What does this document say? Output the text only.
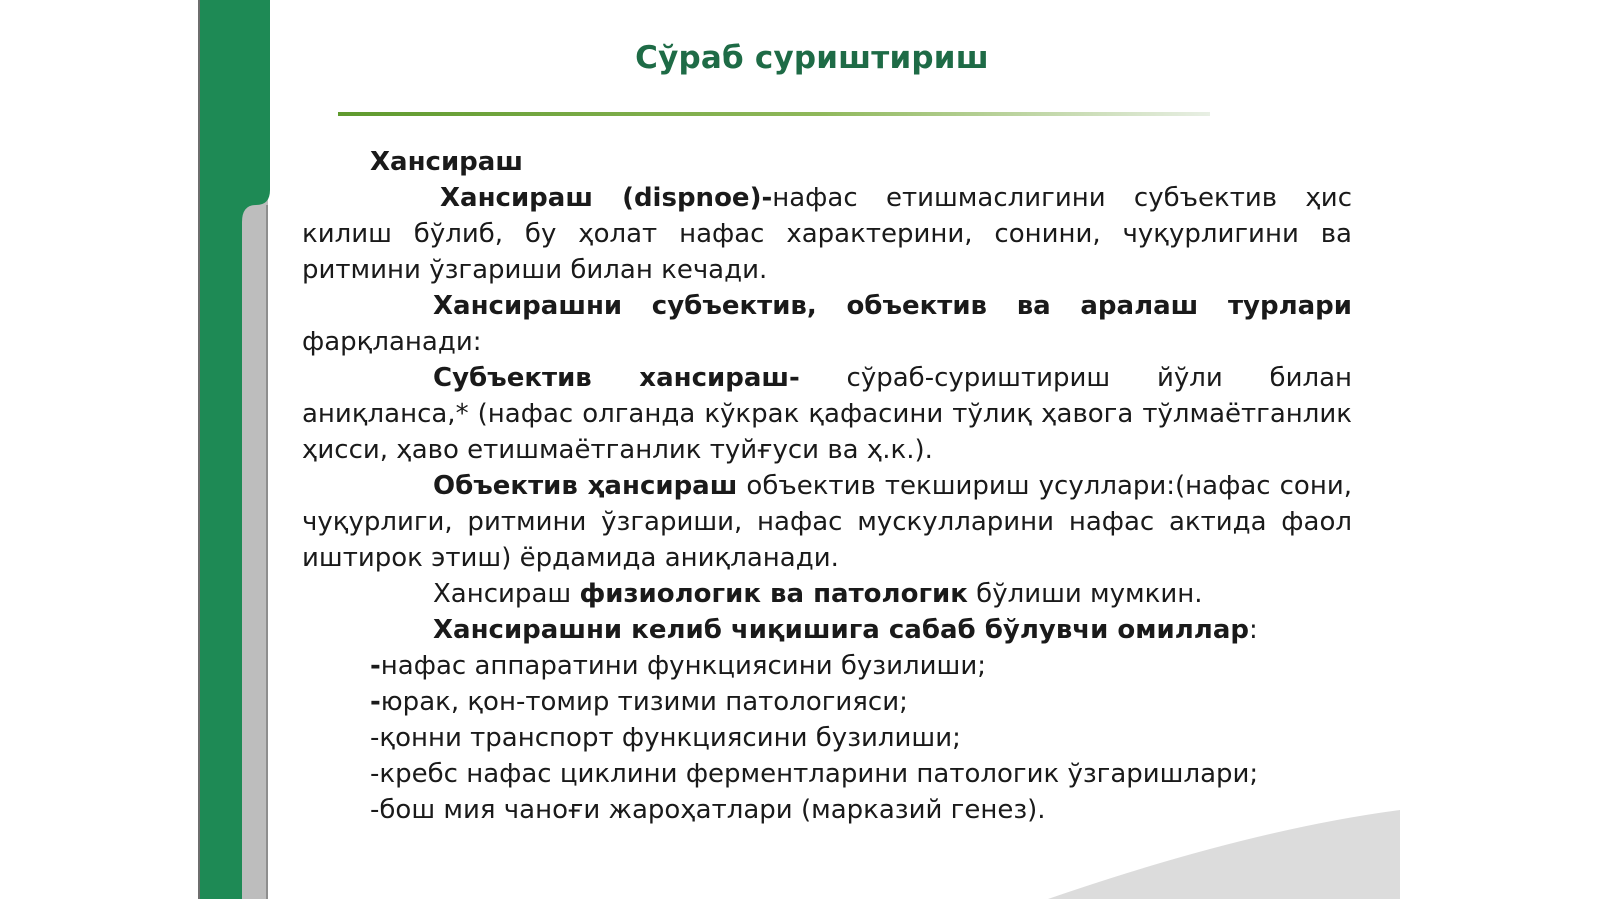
Сўраб суриштириш

Хансираш

Хансираш (dispnoe)-нафас етишмаслигини субъектив ҳис килиш бўлиб, бу ҳолат нафас характерини, сонини, чуқурлигини ва ритмини ўзгариши билан кечади.

Хансирашни субъектив, объектив ва аралаш турлари фарқланади:

Субъектив хансираш- сўраб-суриштириш йўли билан аниқланса,* (нафас олганда кўкрак қафасини тўлиқ ҳавога тўлмаётганлик ҳисси, ҳаво етишмаётганлик туйғуси ва ҳ.к.).

Объектив ҳансираш объектив текшириш усуллари:(нафас сони, чуқурлиги, ритмини ўзгариши, нафас мускулларини нафас актида фаол иштирок этиш) ёрдамида аниқланади.

Хансираш физиологик ва патологик бўлиши мумкин.

Хансирашни келиб чиқишига сабаб бўлувчи омиллар:

-нафас аппаратини функциясини бузилиши;

-юрак, қон-томир тизими патологияси;

-қонни транспорт функциясини бузилиши;

-кребс нафас циклини ферментларини патологик ўзгаришлари;

-бош мия чаноғи жароҳатлари (марказий генез).
